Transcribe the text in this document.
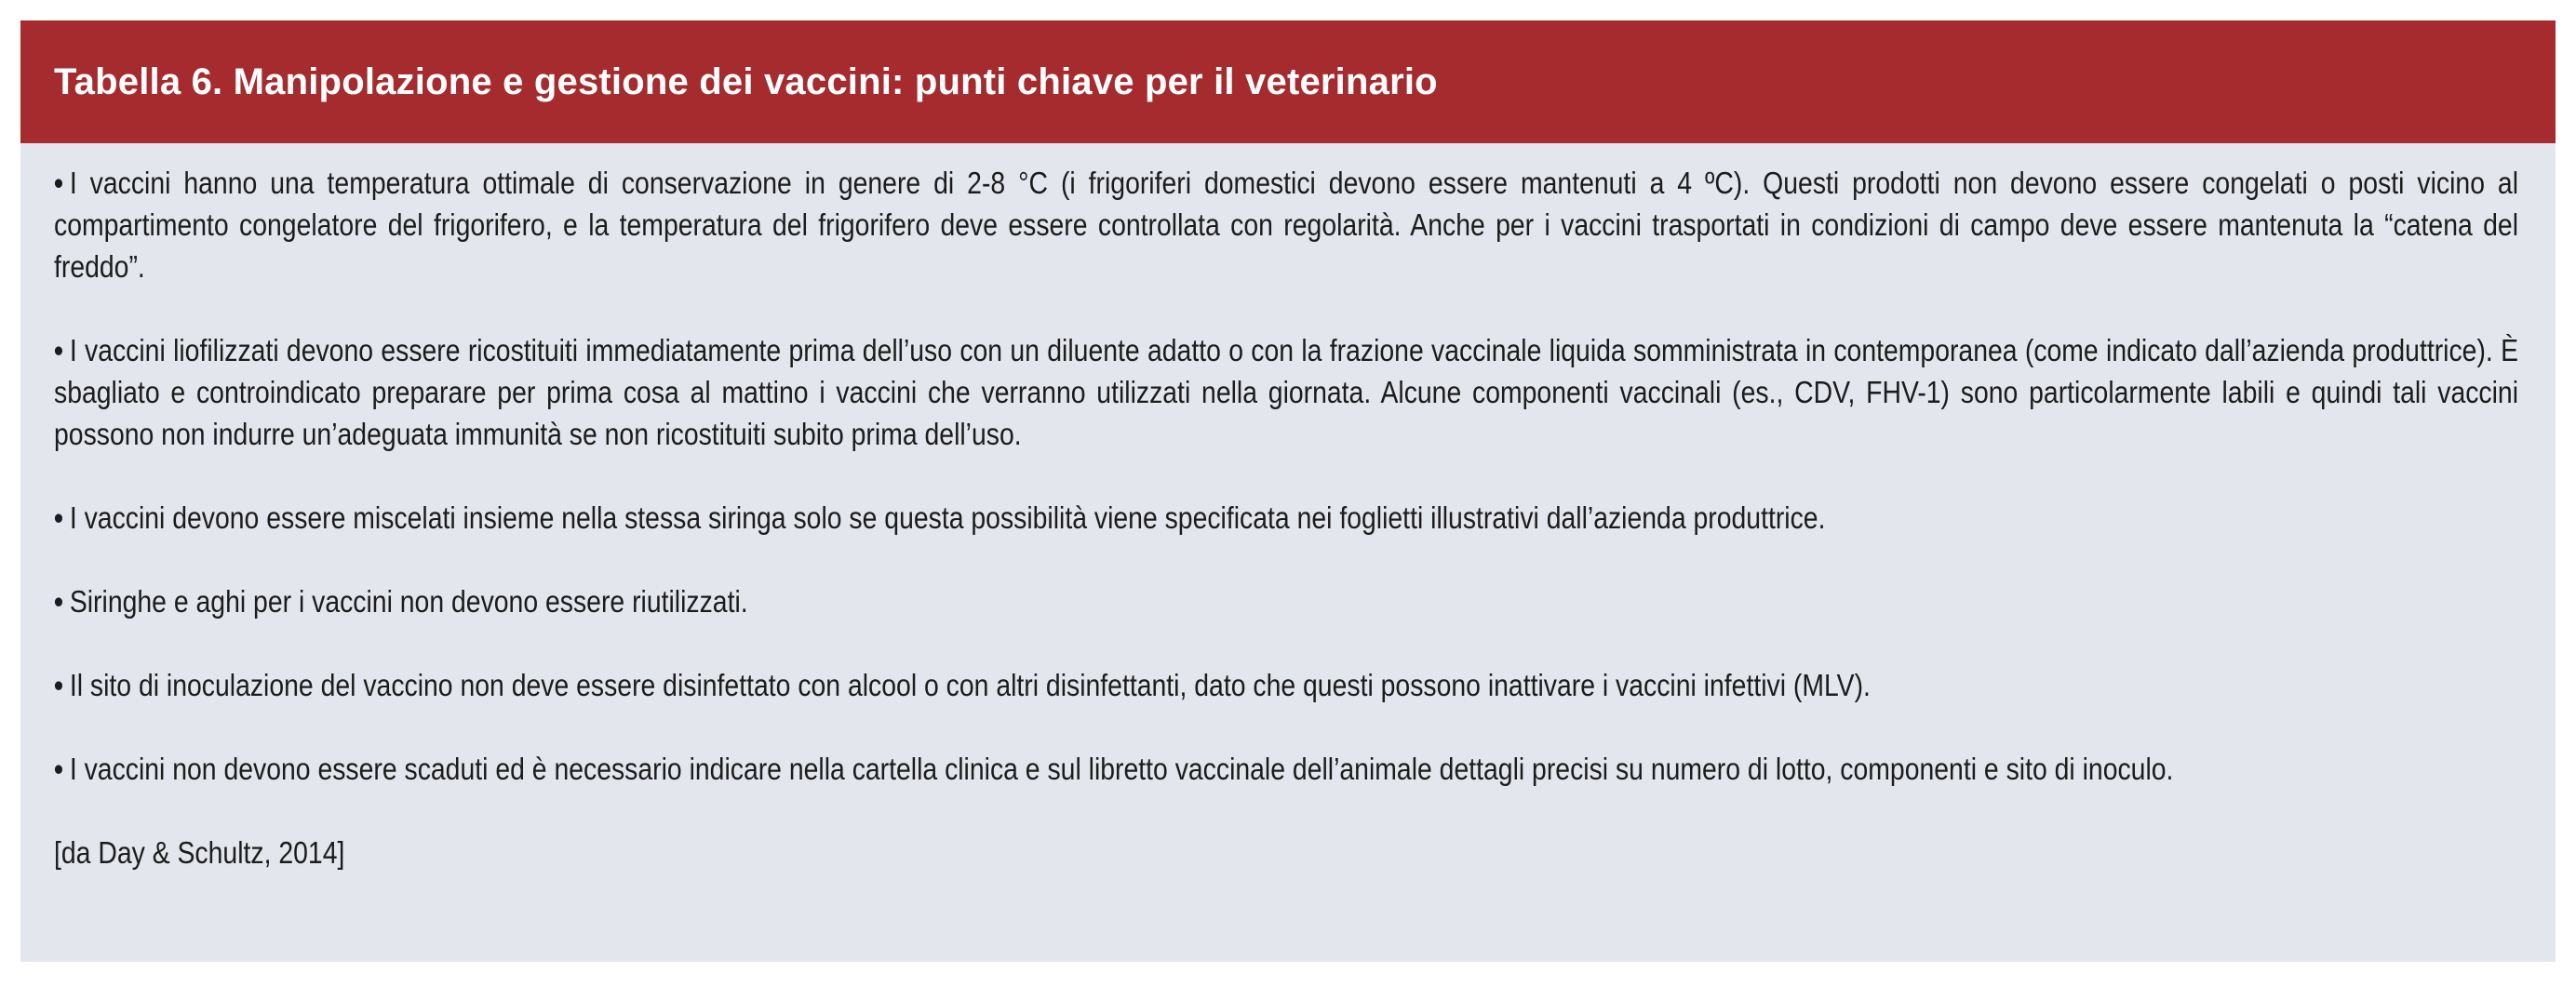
Tabella 6. Manipolazione e gestione dei vaccini: punti chiave per il veterinario

• I vaccini hanno una temperatura ottimale di conservazione in genere di 2-8 °C (i frigoriferi domestici devono essere mantenuti a 4 ºC). Questi prodotti non devono essere congelati o posti vicino al compartimento congelatore del frigorifero, e la temperatura del frigorifero deve essere controllata con regolarità. Anche per i vaccini trasportati in condizioni di campo deve essere mantenuta la “catena del freddo”.

• I vaccini liofilizzati devono essere ricostituiti immediatamente prima dell’uso con un diluente adatto o con la frazione vaccinale liquida somministrata in contemporanea (come indicato dall’azienda produttrice). È sbagliato e controindicato preparare per prima cosa al mattino i vaccini che verranno utilizzati nella giornata. Alcune componenti vaccinali (es., CDV, FHV-1) sono particolarmente labili e quindi tali vaccini possono non indurre un’adeguata immunità se non ricostituiti subito prima dell’uso.

• I vaccini devono essere miscelati insieme nella stessa siringa solo se questa possibilità viene specificata nei foglietti illustrativi dall’azienda produttrice.

• Siringhe e aghi per i vaccini non devono essere riutilizzati.

• Il sito di inoculazione del vaccino non deve essere disinfettato con alcool o con altri disinfettanti, dato che questi possono inattivare i vaccini infettivi (MLV).

• I vaccini non devono essere scaduti ed è necessario indicare nella cartella clinica e sul libretto vaccinale dell’animale dettagli precisi su numero di lotto, componenti e sito di inoculo.

[da Day & Schultz, 2014]
